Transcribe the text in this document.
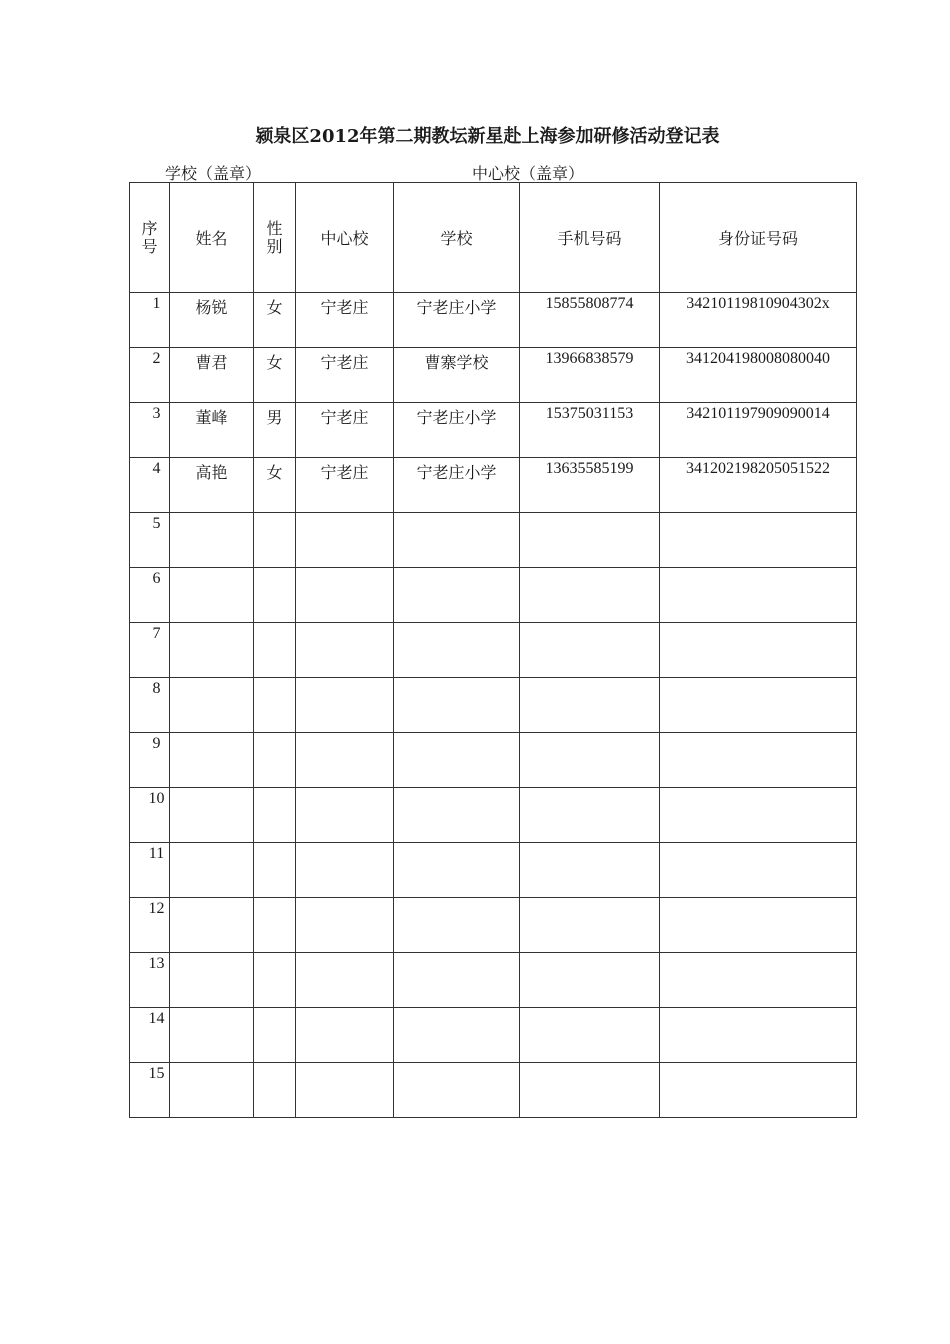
颍泉区2012年第二期教坛新星赴上海参加研修活动登记表
学校（盖章）	中心校（盖章）
序号	姓名	性别	中心校	学校	手机号码	身份证号码

1	杨锐	女	宁老庄	宁老庄小学	15855808774	34210119810904302x

2	曹君	女	宁老庄	曹寨学校	13966838579	341204198008080040

3	董峰	男	宁老庄	宁老庄小学	15375031153	342101197909090014

4	高艳	女	宁老庄	宁老庄小学	13635585199	341202198205051522

5						

6						

7						

8						

9						

10						

11						

12						

13						

14						

15						
